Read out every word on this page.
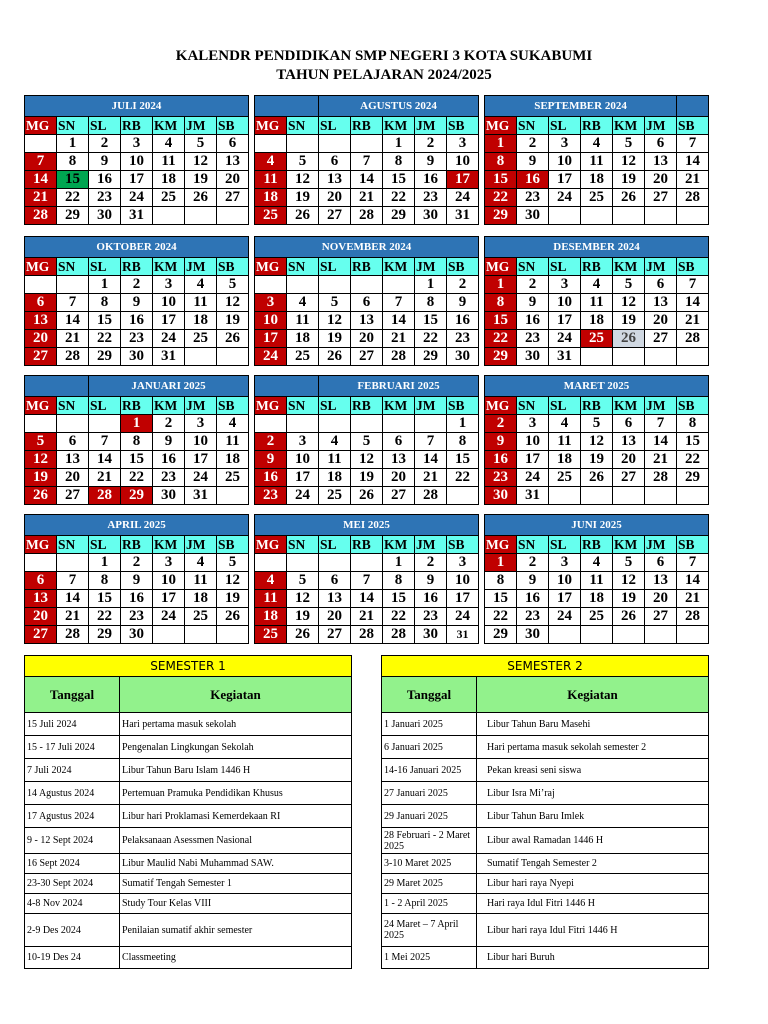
KALENDR PENDIDIKAN SMP NEGERI 3 KOTA SUKABUMI
TAHUN PELAJARAN 2024/2025
JULI 2024						
MG	SN	SL	RB	KM	JM	SB
	1	2	3	4	5	6
7	8	9	10	11	12	13
14	15	16	17	18	19	20
21	22	23	24	25	26	27
28	29	30	31			
		AGUSTUS 2024				
MG	SN	SL	RB	KM	JM	SB
				1	2	3
4	5	6	7	8	9	10
11	12	13	14	15	16	17
18	19	20	21	22	23	24
25	26	27	28	29	30	31
SEPTEMBER 2024						
MG	SN	SL	RB	KM	JM	SB
1	2	3	4	5	6	7
8	9	10	11	12	13	14
15	16	17	18	19	20	21
22	23	24	25	26	27	28
29	30					
OKTOBER 2024						
MG	SN	SL	RB	KM	JM	SB
		1	2	3	4	5
6	7	8	9	10	11	12
13	14	15	16	17	18	19
20	21	22	23	24	25	26
27	28	29	30	31		
NOVEMBER 2024						
MG	SN	SL	RB	KM	JM	SB
					1	2
3	4	5	6	7	8	9
10	11	12	13	14	15	16
17	18	19	20	21	22	23
24	25	26	27	28	29	30
DESEMBER 2024						
MG	SN	SL	RB	KM	JM	SB
1	2	3	4	5	6	7
8	9	10	11	12	13	14
15	16	17	18	19	20	21
22	23	24	25	26	27	28
29	30	31				
		JANUARI 2025				
MG	SN	SL	RB	KM	JM	SB
			1	2	3	4
5	6	7	8	9	10	11
12	13	14	15	16	17	18
19	20	21	22	23	24	25
26	27	28	29	30	31	
		FEBRUARI 2025				
MG	SN	SL	RB	KM	JM	SB
						1
2	3	4	5	6	7	8
9	10	11	12	13	14	15
16	17	18	19	20	21	22
23	24	25	26	27	28	
MARET 2025						
MG	SN	SL	RB	KM	JM	SB
2	3	4	5	6	7	8
9	10	11	12	13	14	15
16	17	18	19	20	21	22
23	24	25	26	27	28	29
30	31					
APRIL 2025						
MG	SN	SL	RB	KM	JM	SB
		1	2	3	4	5
6	7	8	9	10	11	12
13	14	15	16	17	18	19
20	21	22	23	24	25	26
27	28	29	30			
MEI 2025						
MG	SN	SL	RB	KM	JM	SB
				1	2	3
4	5	6	7	8	9	10
11	12	13	14	15	16	17
18	19	20	21	22	23	24
25	26	27	28	28	30	31
JUNI 2025						
MG	SN	SL	RB	KM	JM	SB
1	2	3	4	5	6	7
8	9	10	11	12	13	14
15	16	17	18	19	20	21
22	23	24	25	26	27	28
29	30					
SEMESTER 1	
Tanggal	Kegiatan
15 Juli 2024	Hari pertama masuk sekolah
15 - 17 Juli 2024	Pengenalan Lingkungan Sekolah
7 Juli 2024	Libur Tahun Baru Islam 1446 H
14 Agustus 2024	Pertemuan Pramuka Pendidikan Khusus
17 Agustus 2024	Libur hari Proklamasi Kemerdekaan RI
9 - 12 Sept 2024	Pelaksanaan Asessmen Nasional
16 Sept 2024	Libur Maulid Nabi Muhammad SAW.
23-30 Sept 2024	Sumatif Tengah Semester 1
4-8 Nov 2024	Study Tour Kelas VIII
2-9 Des 2024	Penilaian sumatif akhir semester
10-19 Des 24	Classmeeting
SEMESTER 2	
Tanggal	Kegiatan
1 Januari 2025	Libur Tahun Baru Masehi
6 Januari 2025	Hari pertama masuk sekolah semester 2
14-16 Januari 2025	Pekan kreasi seni siswa
27 Januari 2025	Libur Isra Mi’raj
29 Januari 2025	Libur Tahun Baru Imlek
28 Februari - 2 Maret 2025	Libur awal Ramadan 1446 H
3-10 Maret 2025	Sumatif Tengah Semester 2
29 Maret 2025	Libur hari raya Nyepi
1 - 2 April 2025	Hari raya Idul Fitri 1446 H
24 Maret – 7 April 2025	Libur hari raya Idul Fitri 1446 H
1 Mei 2025	Libur hari Buruh
